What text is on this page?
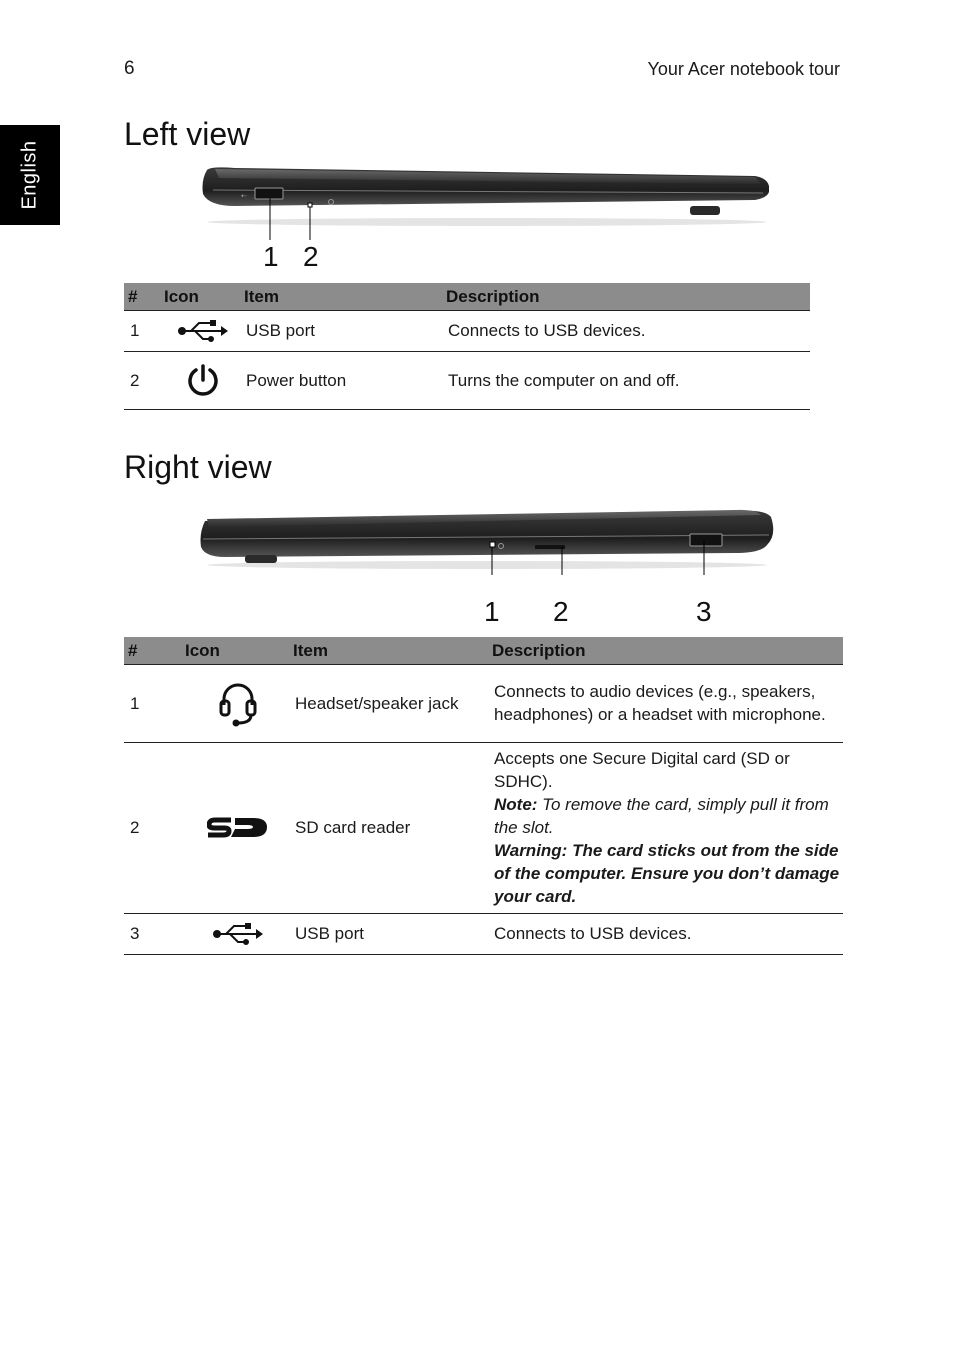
6	Your Acer notebook tour
English
Left view
⇠
1 2
#	Icon	Item	Description
1		USB port	Connects to USB devices.
2		Power button	Turns the computer on and off.
Right view
1 2	3
#	Icon	Item	Description
1		Headset/speaker jack	Connects to audio devices (e.g., speakers, headphones) or a headset with microphone.
2		SD card reader	Accepts one Secure Digital card (SD or SDHC).
Note: To remove the card, simply pull it from the slot.
Warning: The card sticks out from the side of the computer. Ensure you don’t damage your card.

3		USB port	Connects to USB devices.
